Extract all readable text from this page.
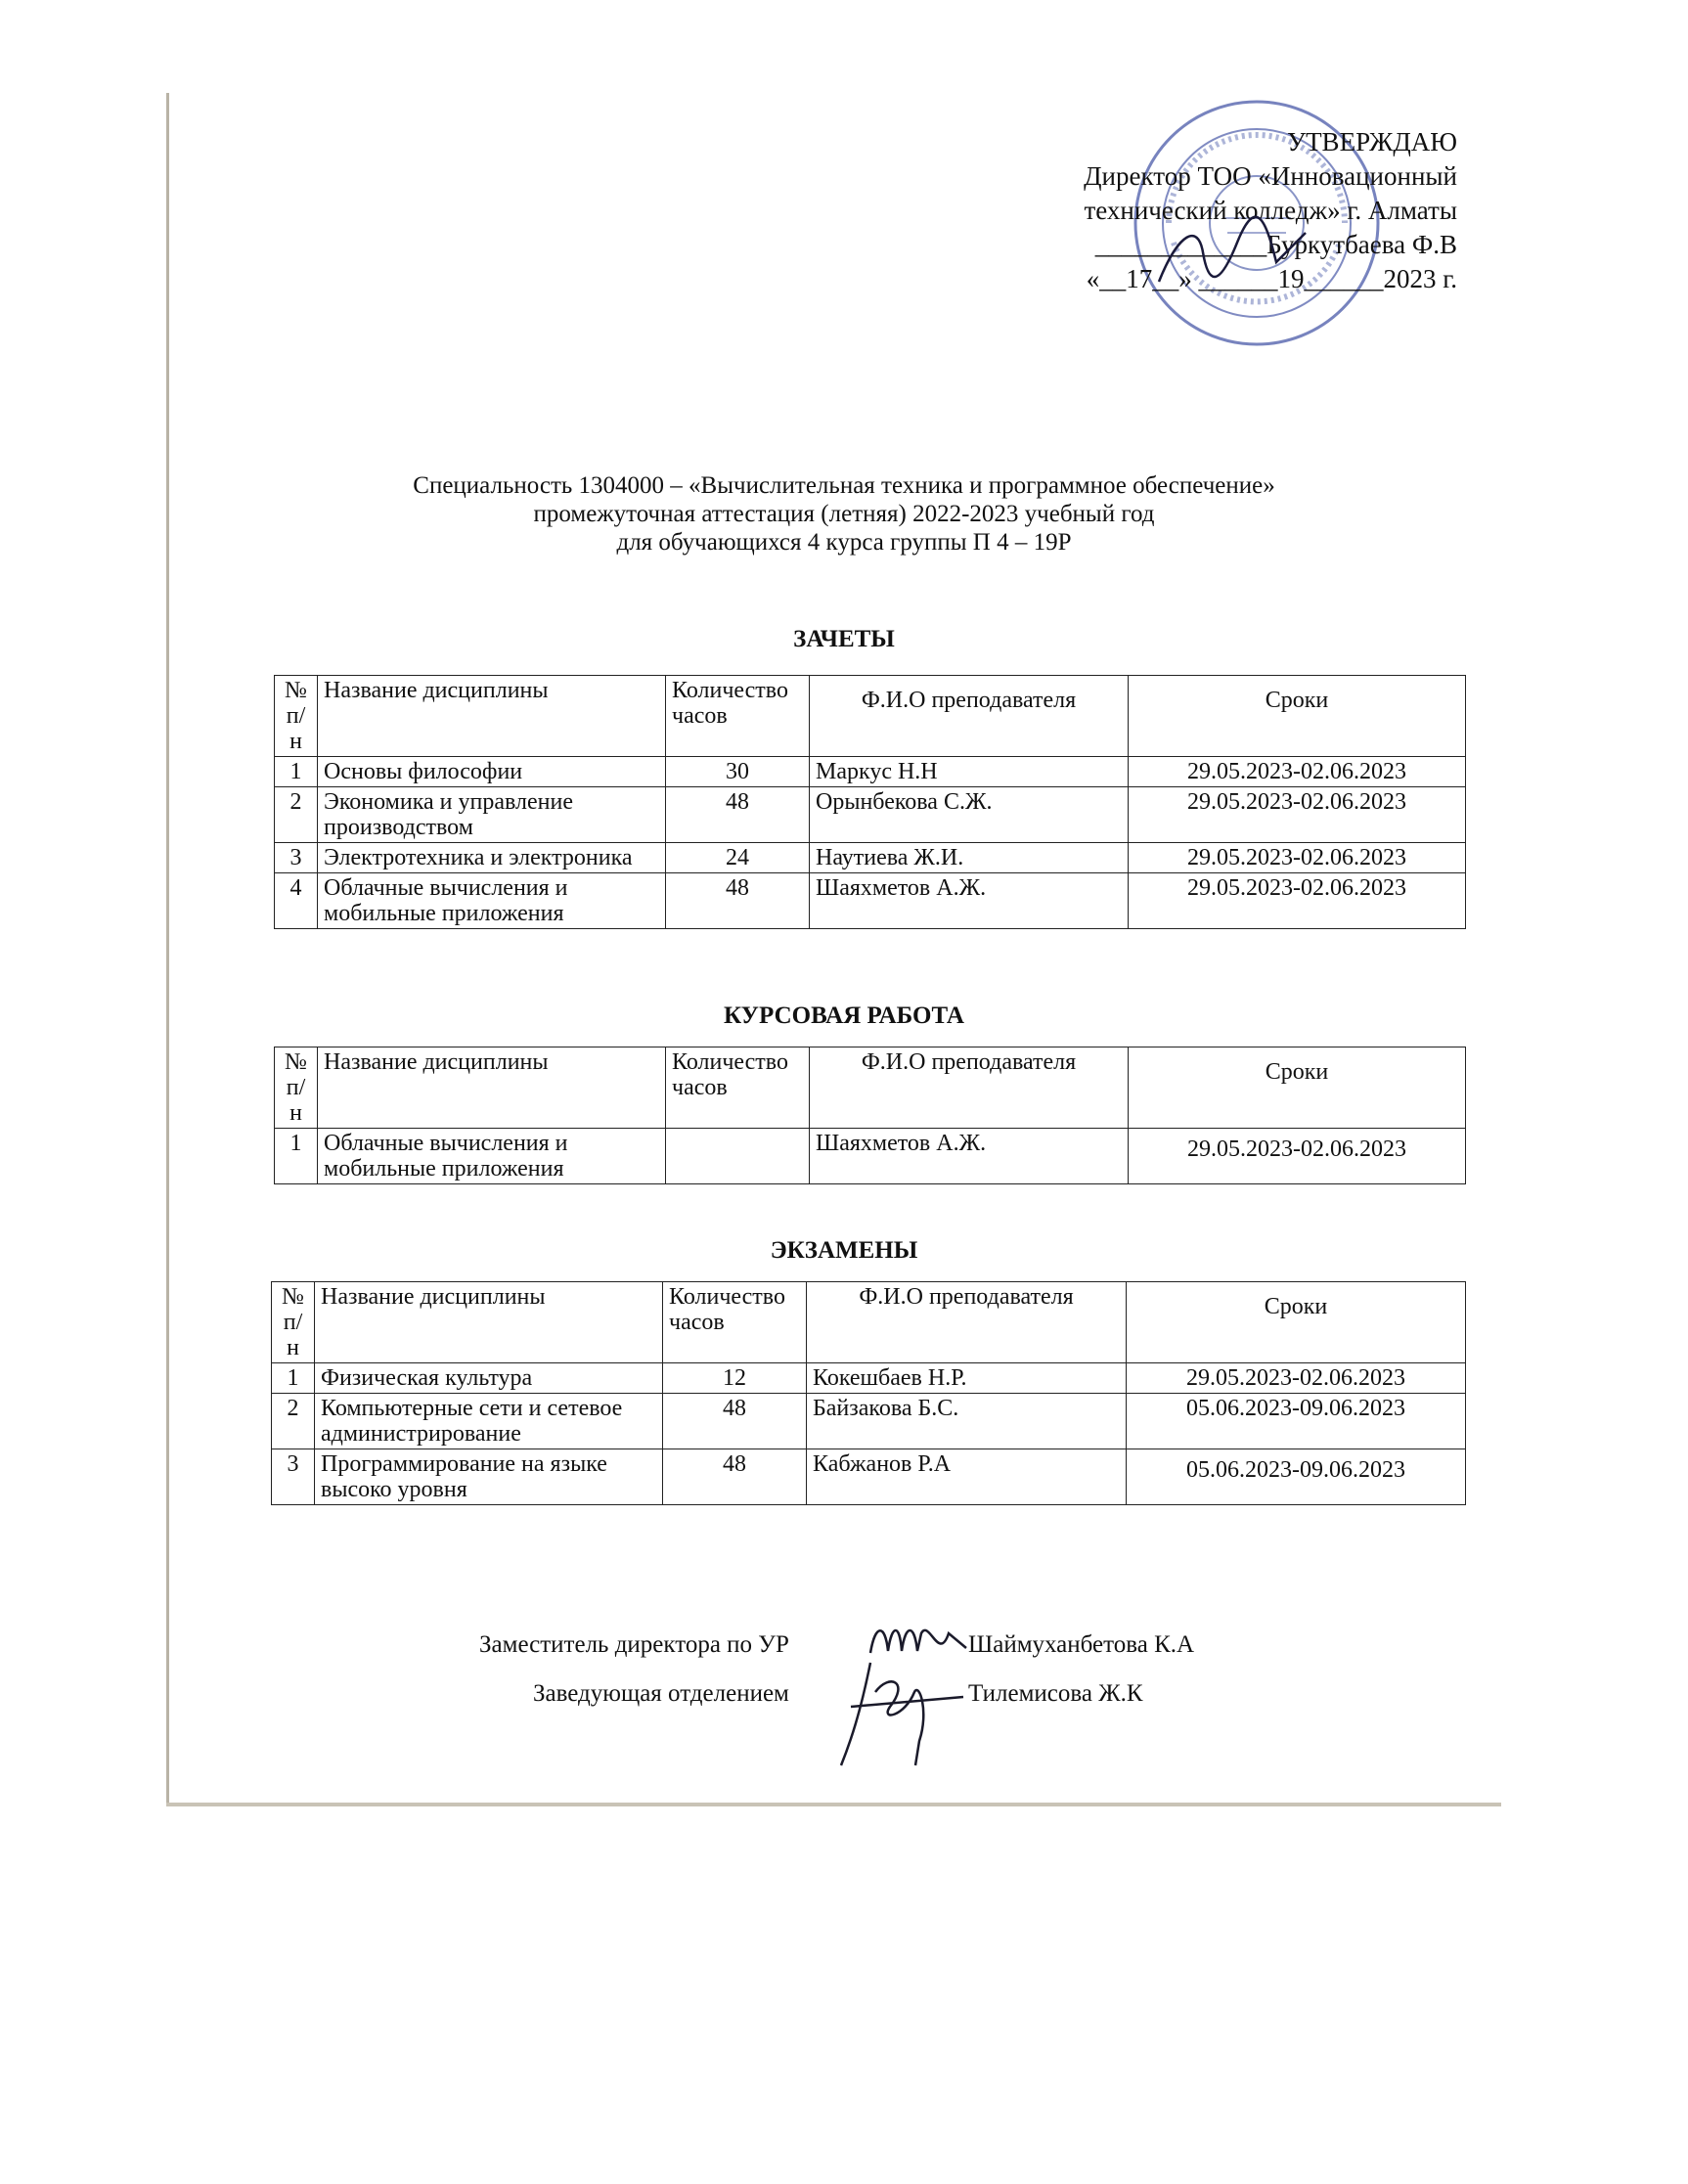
УТВЕРЖДАЮ
Директор ТОО «Инновационный
технический колледж» г. Алматы
_____________Буркутбаева Ф.В
«__17__» ______19______2023 г.
Специальность 1304000 – «Вычислительная техника и программное обеспечение»
промежуточная аттестация (летняя) 2022-2023 учебный год
для обучающихся 4 курса группы П 4 – 19Р
ЗАЧЕТЫ
№ п/н	Название дисциплины	Количество часов	Ф.И.О преподавателя	Сроки
1	Основы философии	30	Маркус Н.Н	29.05.2023-02.06.2023
2	Экономика и управление производством	48	Орынбекова С.Ж.	29.05.2023-02.06.2023
3	Электротехника и электроника	24	Наутиева Ж.И.	29.05.2023-02.06.2023
4	Облачные вычисления и мобильные приложения	48	Шаяхметов А.Ж.	29.05.2023-02.06.2023
КУРСОВАЯ РАБОТА
№ п/н	Название дисциплины	Количество часов	Ф.И.О преподавателя	Сроки
1	Облачные вычисления и мобильные приложения		Шаяхметов А.Ж.	29.05.2023-02.06.2023
ЭКЗАМЕНЫ
№ п/н	Название дисциплины	Количество часов	Ф.И.О преподавателя	Сроки
1	Физическая культура	12	Кокешбаев Н.Р.	29.05.2023-02.06.2023
2	Компьютерные сети и сетевое администрирование	48	Байзакова Б.С.	05.06.2023-09.06.2023
3	Программирование на языке высоко уровня	48	Кабжанов Р.А	05.06.2023-09.06.2023
Заместитель директора по УР	Шаймуханбетова К.А
Заведующая отделением	Тилемисова Ж.К
